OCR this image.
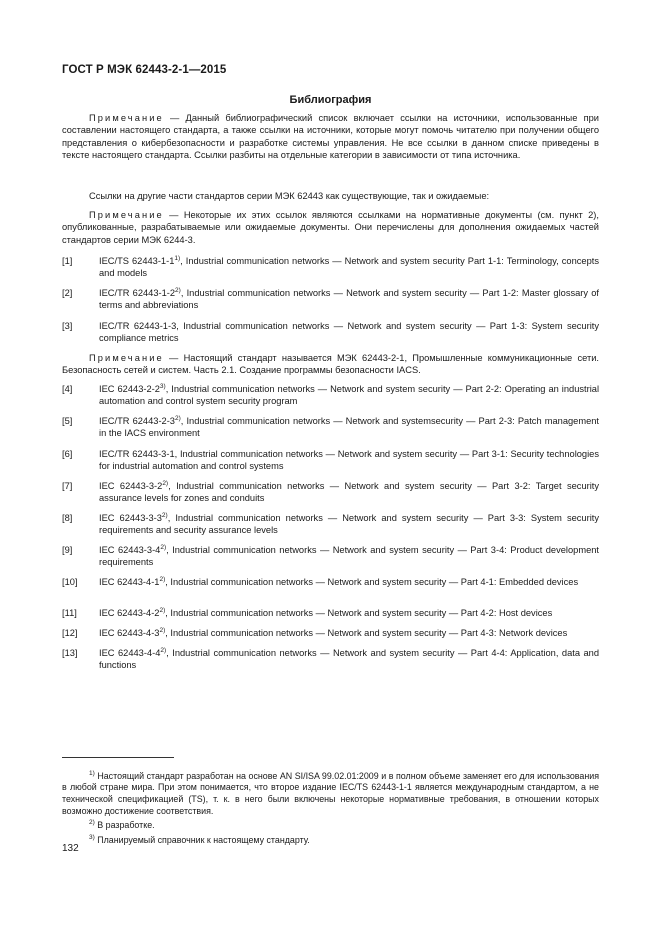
ГОСТ Р МЭК 62443-2-1—2015
Библиография

Примечание — Данный библиографический список включает ссылки на источники, использованные при составлении настоящего стандарта, а также ссылки на источники, которые могут помочь читателю при получении общего представления о кибербезопасности и разработке системы управления. Не все ссылки в данном списке приведены в тексте настоящего стандарта. Ссылки разбиты на отдельные категории в зависимости от типа источника.

Ссылки на другие части стандартов серии МЭК 62443 как существующие, так и ожидаемые:

Примечание — Некоторые их этих ссылок являются ссылками на нормативные документы (см. пункт 2), опубликованные, разрабатываемые или ожидаемые документы. Они перечислены для дополнения ожидаемых частей стандартов серии МЭК 6244-3.

[1]	IEC/TS 62443-1-1$^{1)}$, Industrial communication networks — Network and system security Part 1-1: Terminology, concepts and models
[2]	IEC/TR 62443-1-2$^{2)}$, Industrial communication networks — Network and system security — Part 1-2: Master glossary of terms and abbreviations
[3]	IEC/TR 62443-1-3, Industrial communication networks — Network and system security — Part 1-3: System security compliance metrics

Примечание — Настоящий стандарт называется МЭК 62443-2-1, Промышленные коммуникационные сети. Безопасность сетей и систем. Часть 2.1. Создание программы безопасности IACS.

[4]	IEC 62443-2-2$^{3)}$, Industrial communication networks — Network and system security — Part 2-2: Operating an industrial automation and control system security program
[5]	IEC/TR 62443-2-3$^{2)}$, Industrial communication networks — Network and systemsecurity — Part 2-3: Patch management in the IACS environment
[6]	IEC/TR 62443-3-1, Industrial communication networks — Network and system security — Part 3-1: Security technologies for industrial automation and control systems
[7]	IEC 62443-3-2$^{2)}$, Industrial communication networks — Network and system security — Part 3-2: Target security assurance levels for zones and conduits
[8]	IEC 62443-3-3$^{2)}$, Industrial communication networks — Network and system security — Part 3-3: System security requirements and security assurance levels
[9]	IEC 62443-3-4$^{2)}$, Industrial communication networks — Network and system security — Part 3-4: Product development requirements
[10] IEC 62443-4-1$^{2)}$, Industrial communication networks — Network and system security — Part 4-1: Embedded devices
[11] IEC 62443-4-2$^{2)}$, Industrial communication networks — Network and system security — Part 4-2: Host devices
[12] IEC 62443-4-3$^{2)}$, Industrial communication networks — Network and system security — Part 4-3: Network devices
[13] IEC 62443-4-4$^{2)}$, Industrial communication networks — Network and system security — Part 4-4: Application, data and functions

$^{1)}$ Настоящий стандарт разработан на основе AN SI/ISA 99.02.01:2009 и в полном объеме заменяет его для использования в любой стране мира. При этом понимается, что второе издание IEC/TS 62443-1-1 является международным стандартом, а не технической спецификацией (TS), т. к. в него были включены некоторые нормативные требования, в отношении которых возможно достижение соответствия.

$^{2)}$ В разработке.

$^{3)}$ Планируемый справочник к настоящему стандарту.

132
